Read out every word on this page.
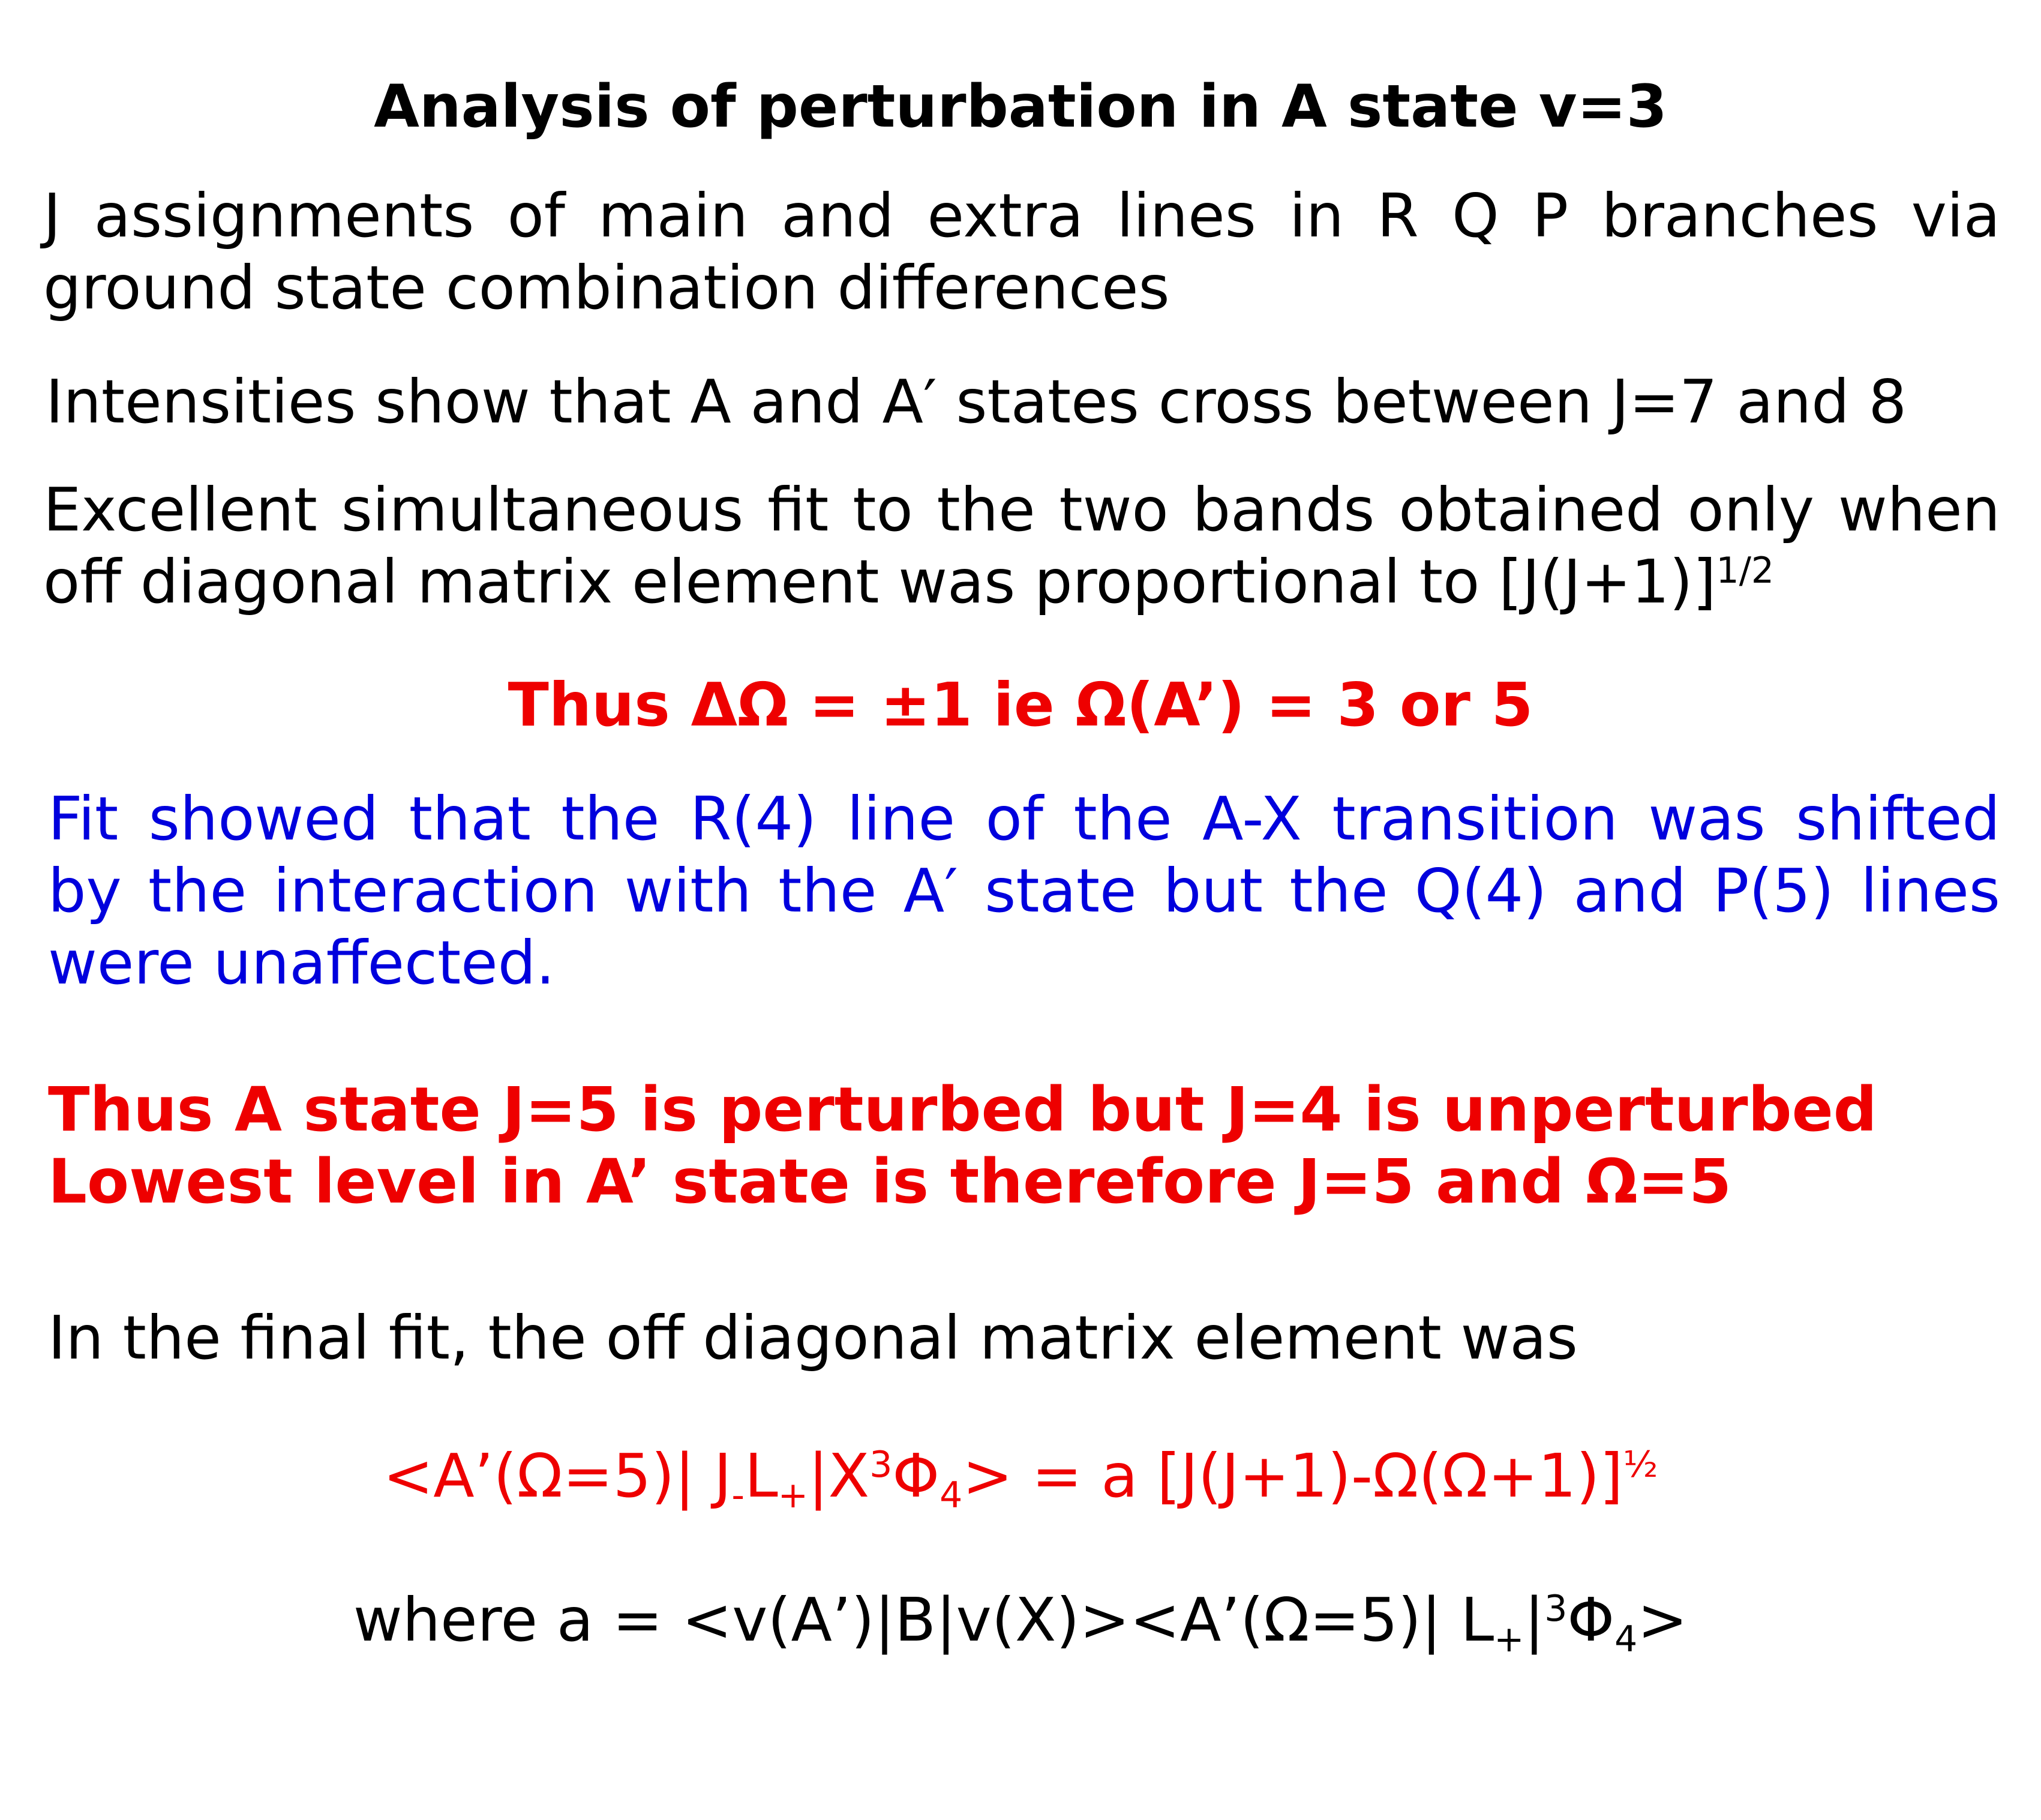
Analysis of perturbation in A state v=3

J assignments of main and extra lines in R Q P branches via
ground state combination differences

Intensities show that A and A′ states cross between J=7 and 8

Excellent simultaneous fit to the two bands obtained only when
off diagonal matrix element was proportional to $[J(J+1)]^{1/2}$

Thus ΔΩ = ±1 ie Ω(A’) = 3 or 5

Fit showed that the R(4) line of the A-X transition was shifted
by the interaction with the A′ state but the Q(4) and P(5) lines
were unaffected.

Thus A state J=5 is perturbed but J=4 is unperturbed
Lowest level in A’ state is therefore J=5 and Ω=5

In the final fit, the off diagonal matrix element was

<A’(Ω=5)| $J_-L_+|X^3\Phi_4> = a$ $[J(J+1)-\Omega(\Omega+1)]^{\frac{1}{2}}$

where a = <v(A’)|B|v(X)><A’(Ω=5)| $L_+|^3\Phi_4>$
